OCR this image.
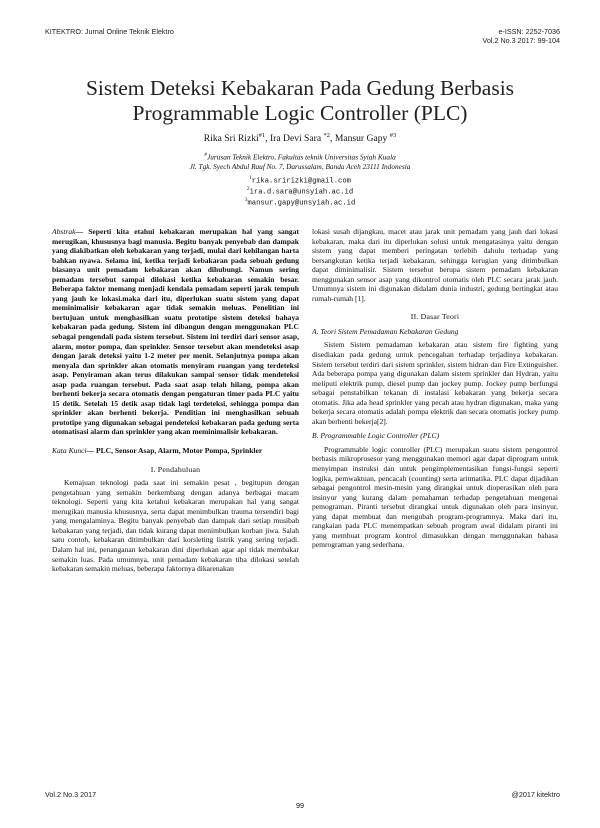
KITEKTRO: Jurnal Online Teknik Elektro	e-ISSN: 2252-7036
Vol.2 No.3 2017: 99-104
Sistem Deteksi Kebakaran Pada Gedung Berbasis
Programmable Logic Controller (PLC)
Rika Sri Rizki$^{\#1}$, Ira Devi Sara $^{*2}$, Mansur Gapy $^{\#3}$
#Jurusan Teknik Elektro, Fakultas teknik Universitas Syiah Kuala
Jl. Tgk. Syech Abdul Rauf No. 7, Darussalam, Banda Aceh 23111 Indonesia
$^1$rika.sririzki@gmail.com
$^2$ira.d.sara@unsyiah.ac.id
$^3$mansur.gapy@unsyiah.ac.id

Abstrak— Seperti kita etahui kebakaran merupakan hal yang sangat merugikan, khususnya bagi manusia. Begitu banyak penyebab dan dampak yang diakibatkan oleh kebakaran yang terjadi, mulai dari kehilangan harta bahkan nyawa. Selama ini, ketika terjadi kebakaran pada sebuah gedung biasanya unit pemadam kebakaran akan dihubungi. Namun sering pemadam tersebut sampai dilokasi ketika kebakaran semakin besar. Beberapa faktor memang menjadi kendala pemadam seperti jarak tempuh yang jauh ke lokasi.maka dari itu, diperlukan suatu sistem yang dapat meminimalisir kebakaran agar tidak semakin meluas. Penelitian ini bertujuan untuk menghasilkan suatu prototipe sistem deteksi bahaya kebakaran pada gedung. Sistem ini dibangun dengan menggunakan PLC sebagai pengendali pada sistem tersebut. Sistem ini terdiri dari sensor asap, alarm, motor pompa, dan sprinkler. Sensor tersebut akan mendeteksi asap dengan jarak deteksi yaitu 1-2 meter per menit. Selanjutnya pompa akan menyala dan sprinkler akan otomatis menyiram ruangan yang terdeteksi asap. Penyiraman akan terus dilakukan sampai sensor tidak mendeteksi asap pada ruangan tersebut. Pada saat asap telah hilang, pompa akan berhenti bekerja secara otomatis dengan pengaturan timer pada PLC yaitu 15 detik. Setelah 15 detik asap tidak lagi terdeteksi, sehingga pompa dan sprinkler akan berhenti bekerja. Penditian ini menghasilkan sebuah prototipe yang digunakan sebagai pendeteksi kebakaran pada gedung serta otomatisasi alarm dan sprinkler yang akan meminimalisir kebakaran.

Kata Kunci— PLC, Sensor Asap, Alarm, Motor Pompa, Sprinkler

I. Pendahuluan

Kemajuan teknologi pada saat ini semakin pesat , begitupun dengan pengetahuan yang semakin berkembang dengan adanya berbagai macam teknologi. Seperti yang kita ketahui kebakaran merupakan hal yang sangat merugikan manusia khususnya, serta dapat menimbulkan trauma tersendiri bagi yang mengalaminya. Begitu banyak penyebab dan dampak dari setiap musibah kebakaran yang terjadi, dan tidak kurang dapat menimbulkan korban jiwa. Salah satu contoh, kebakaran ditimbulkan dari korsleting listrik yang sering terjadi. Dalam hal ini, penanganan kebakaran dini diperlukan agar api tidak membakar semakin luas. Pada umumnya, unit pemadam kebakaran tiba dilokasi setelah kebakaran semakin meluas, beberapa faktornya dikarenakan

lokasi susah dijangkau, macet atau jarak unit pemadam yang jauh dari lokasi kebakaran, maka dari itu diperlukan solusi untuk mengatasinya yaitu dengan sistem yang dapat memberi peringatan terlebih dahulu terhadap yang bersangkutan ketika terjadi kebakaran, sehingga kerugian yang ditimbulkan dapat diminimalisir. Sistem tersebut berupa sistem pemadam kebakaran menggunakan sensor asap yang dikontrol otomatis oleh PLC secara jarak jauh. Umumnya sistem ini digunakan didalam dunia industri, gedung bertingkat atau rumah-rumah [1].

II. Dasar Teori

A. Teori Sistem Pemadaman Kebakaran Gedung

Sistem Sistem pemadaman kebakaran atau sistem fire fighting yang disediakan pada gedung untuk pencegahan terhadap terjadinya kebakaran. Sistem tersebut terdiri dari sistem sprinkler, sistem hidran dan Fire Extinguisher. Ada beberapa pompa yang digunakan dalam sistem sprinkler dan Hydran, yaitu meliputi elektrik pump, diesel pump dan jockey pump. Jockey pump berfungsi sebagai penstabilkan tekanan di instalasi kebakaran yang bekerja secara otomatis. Jika ada head sprinkler yang pecah atau hydran digunakan, maka yang bekerja secara otomatis adalah pompa elektrik dan secara otomatis jockey pump akan berhenti bekerja[2].

B. Programmable Logic Controller (PLC)

Programmable logic controller (PLC) merupakan suatu sistem pengontrol berbasis mikroprosesor yang menggunakan memori agar dapat diprogram untuk menyimpan instruksi dan untuk pengimplementasikan fungsi-fungsi seperti logika, pemwaktuan, pencacah (counting) serta aritmatika. PLC dapat dijadikan sebagai pengontrol mesin-mesin yang dirangkai untuk dioperasikan oleh para insinyur yang kurang dalam pemahaman terhadap pengetahuan mengenai pemograman. Piranti tersebut dirangkai untuk digunakan oleh para insinyur, yang dapat membuat dan mengubah program-programnya. Maka dari itu, rangkaian pada PLC menempatkan sebuah program awal didalam piranti ini yang membuat program kontrol dimasukkan dengan menggunakan bahasa pemrograman yang sederhana.

Vol.2 No.3 2017	@2017 kitektro
99
